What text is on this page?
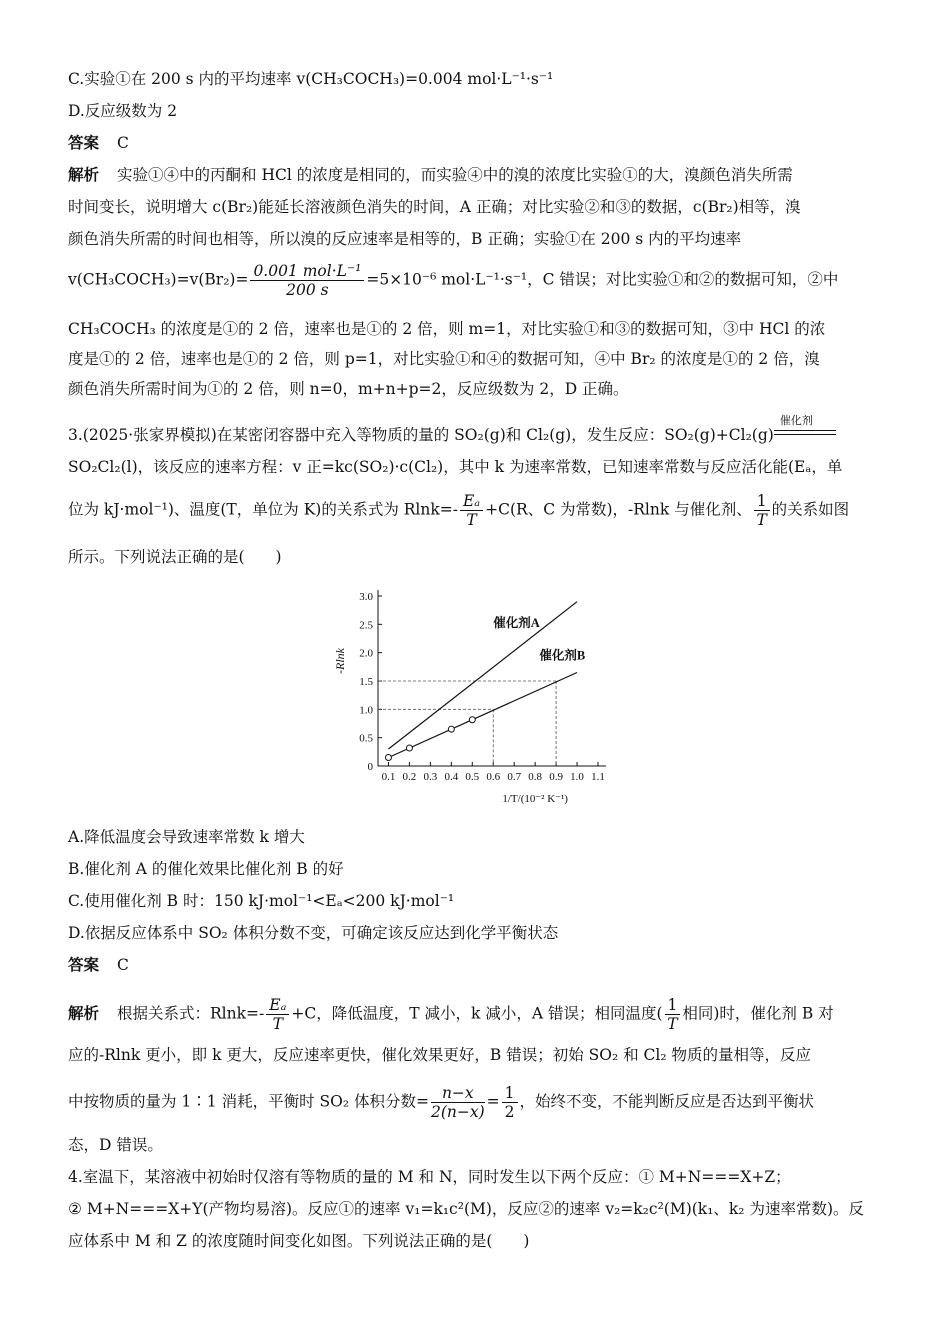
C.实验①在 200 s 内的平均速率 v(CH₃COCH₃)=0.004 mol·L⁻¹·s⁻¹
D.反应级数为 2
答案 C
解析 实验①④中的丙酮和 HCl 的浓度是相同的，而实验④中的溴的浓度比实验①的大，溴颜色消失所需
时间变长，说明增大 c(Br₂)能延长溶液颜色消失的时间，A 正确；对比实验②和③的数据，c(Br₂)相等，溴
颜色消失所需的时间也相等，所以溴的反应速率是相等的，B 正确；实验①在 200 s 内的平均速率
v(CH₃COCH₃)=v(Br₂)= $\frac{\text{0.001 mol·L⁻¹}}{200 s} =5\times 10^{-6}$ mol·L⁻¹·s⁻¹，C 错误；对比实验①和②的数据可知，②中
CH₃COCH₃ 的浓度是①的 2 倍，速率也是①的 2 倍，则 m=1，对比实验①和③的数据可知，③中 HCl 的浓
度是①的 2 倍，速率也是①的 2 倍，则 p=1，对比实验①和④的数据可知，④中 Br₂ 的浓度是①的 2 倍，溴
颜色消失所需时间为①的 2 倍，则 n=0，m+n+p=2，反应级数为 2，D 正确。
3.(2025·张家界模拟)在某密闭容器中充入等物质的量的 SO₂(g)和 Cl₂(g)，发生反应：SO₂(g)+Cl₂(g)
催化剂
SO₂Cl₂(l)，该反应的速率方程：v 正=kc(SO₂)·c(Cl₂)，其中 k 为速率常数，已知速率常数与反应活化能(Eₐ，单
位为 kJ·mol⁻¹)、温度(T，单位为 K)的关系式为 $Rlnk=- \frac{\text{Eₐ}}{T} +C(R$、C 为常数)，-Rlnk 与催化剂、 $\frac{1}{T}$ 的关系如图
所示。下列说法正确的是(　　)
0
0.5
1.0
1.5
2.0
2.5
3.0
0.1 0.2 0.3 0.4 0.5 0.6 0.7 0.8 0.9 1.0 1.1
-Rlnk
1/T/(10⁻² K⁻¹)
催化剂A
催化剂B
A.降低温度会导致速率常数 k 增大
B.催化剂 A 的催化效果比催化剂 B 的好
C.使用催化剂 B 时：150 kJ·mol⁻¹<Eₐ<200 kJ·mol⁻¹
D.依据反应体系中 SO₂ 体积分数不变，可确定该反应达到化学平衡状态
答案 C
解析 根据关系式：$Rlnk=- \frac{\text{Eₐ}}{T} +C$，降低温度，T 减小，k 减小，A 错误；相同温度( $\frac{1}{T}$ 相同)时，催化剂 B 对
应的-Rlnk 更小，即 k 更大，反应速率更快，催化效果更好，B 错误；初始 SO₂ 和 Cl₂ 物质的量相等，反应
中按物质的量为 1∶1 消耗，平衡时 SO₂ 体积分数= $\frac{n-x}{2(n-x)} = \frac{1}{2}$ ，始终不变，不能判断反应是否达到平衡状
态，D 错误。
4.室温下，某溶液中初始时仅溶有等物质的量的 M 和 N，同时发生以下两个反应：① M+N===X+Z；
② M+N===X+Y(产物均易溶)。反应①的速率 v₁=k₁c²(M)，反应②的速率 v₂=k₂c²(M)(k₁、k₂ 为速率常数)。反
应体系中 M 和 Z 的浓度随时间变化如图。下列说法正确的是(　　)
